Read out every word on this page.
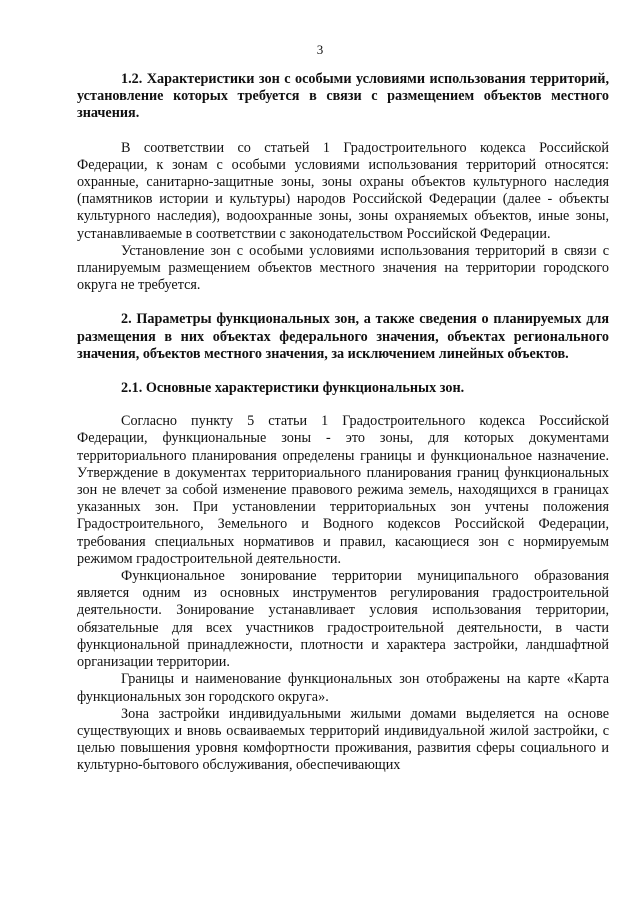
3

1.2. Характеристики зон с особыми условиями использования территорий, установление которых требуется в связи с размещением объектов местного значения.

В соответствии со статьей 1 Градостроительного кодекса Российской Федерации, к зонам с особыми условиями использования территорий относятся: охранные, санитарно-защитные зоны, зоны охраны объектов культурного наследия (памятников истории и культуры) народов Российской Федерации (далее - объекты культурного наследия), водоохранные зоны, зоны охраняемых объектов, иные зоны, устанавливаемые в соответствии с законодательством Российской Федерации.

Установление зон с особыми условиями использования территорий в связи с планируемым размещением объектов местного значения на территории городского округа не требуется.

2. Параметры функциональных зон, а также сведения о планируемых для размещения в них объектах федерального значения, объектах регионального значения, объектов местного значения, за исключением линейных объектов.

2.1. Основные характеристики функциональных зон.

Согласно пункту 5 статьи 1 Градостроительного кодекса Российской Федерации, функциональные зоны - это зоны, для которых документами территориального планирования определены границы и функциональное назначение. Утверждение в документах территориального планирования границ функциональных зон не влечет за собой изменение правового режима земель, находящихся в границах указанных зон. При установлении территориальных зон учтены положения Градостроительного, Земельного и Водного кодексов Российской Федерации, требования специальных нормативов и правил, касающиеся зон с нормируемым режимом градостроительной деятельности.

Функциональное зонирование территории муниципального образования является одним из основных инструментов регулирования градостроительной деятельности. Зонирование устанавливает условия использования территории, обязательные для всех участников градостроительной деятельности, в части функциональной принадлежности, плотности и характера застройки, ландшафтной организации территории.

Границы и наименование функциональных зон отображены на карте «Карта функциональных зон городского округа».

Зона застройки индивидуальными жилыми домами выделяется на основе существующих и вновь осваиваемых территорий индивидуальной жилой застройки, с целью повышения уровня комфортности проживания, развития сферы социального и культурно-бытового обслуживания, обеспечивающих
